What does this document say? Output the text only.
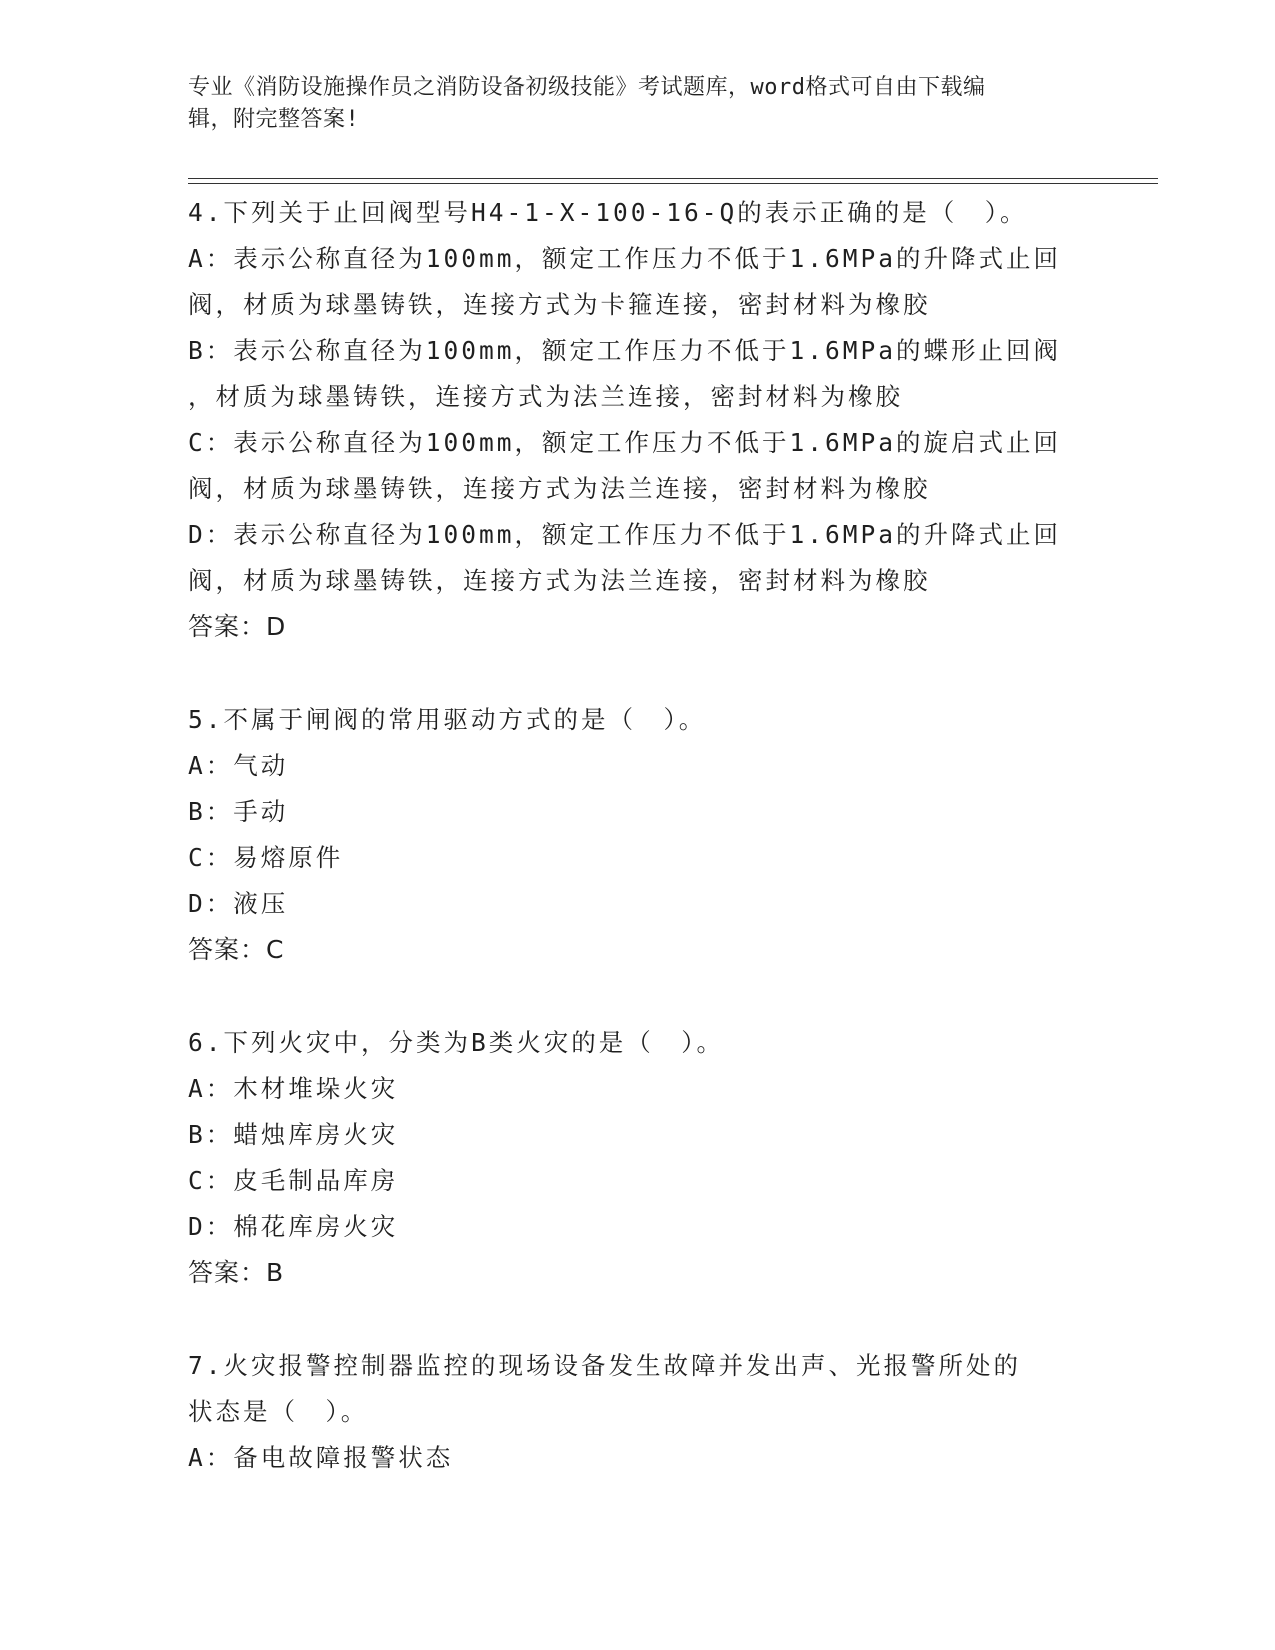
专业《消防设施操作员之消防设备初级技能》考试题库，word格式可自由下载编
辑，附完整答案!
4.下列关于止回阀型号H4-1-X-100-16-Q的表示正确的是（　）。
A：表示公称直径为100mm，额定工作压力不低于1.6MPa的升降式止回
阀，材质为球墨铸铁，连接方式为卡箍连接，密封材料为橡胶
B：表示公称直径为100mm，额定工作压力不低于1.6MPa的蝶形止回阀
，材质为球墨铸铁，连接方式为法兰连接，密封材料为橡胶
C：表示公称直径为100mm，额定工作压力不低于1.6MPa的旋启式止回
阀，材质为球墨铸铁，连接方式为法兰连接，密封材料为橡胶
D：表示公称直径为100mm，额定工作压力不低于1.6MPa的升降式止回
阀，材质为球墨铸铁，连接方式为法兰连接，密封材料为橡胶
答案：D
5.不属于闸阀的常用驱动方式的是（　）。
A：气动
B：手动
C：易熔原件
D：液压
答案：C
6.下列火灾中，分类为B类火灾的是（　）。
A：木材堆垛火灾
B：蜡烛库房火灾
C：皮毛制品库房
D：棉花库房火灾
答案：B
7.火灾报警控制器监控的现场设备发生故障并发出声、光报警所处的
状态是（　）。
A：备电故障报警状态
